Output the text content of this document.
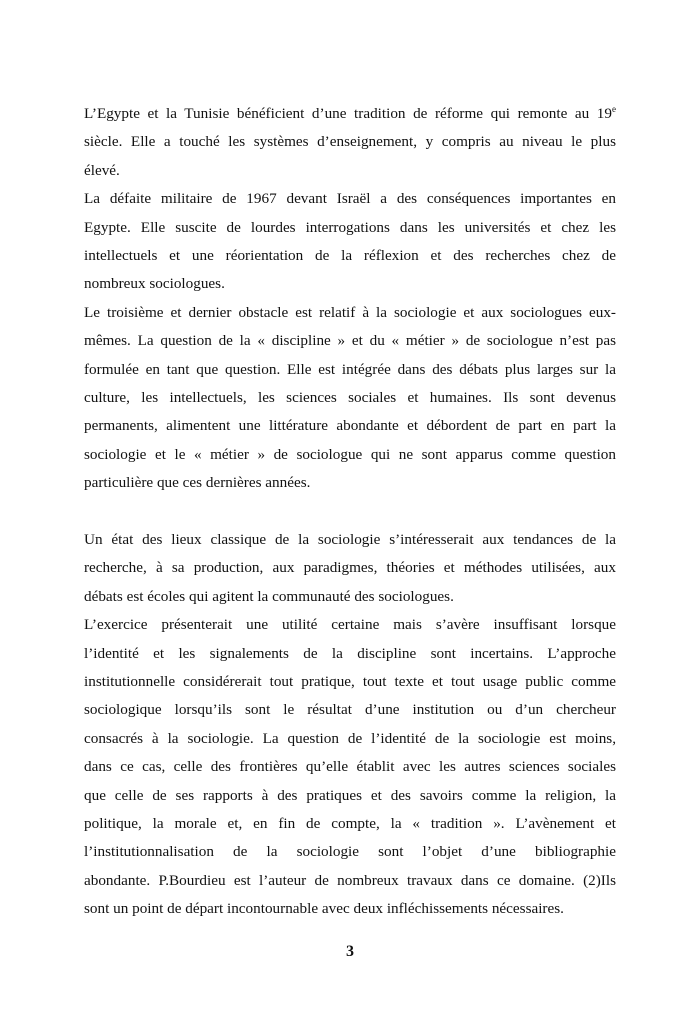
3
L’Egypte et la Tunisie bénéficient d’une tradition de réforme qui remonte au 19e
siècle. Elle a touché les systèmes d’enseignement, y compris au niveau le plus
élevé.
La défaite militaire de 1967 devant Israël a des conséquences importantes en
Egypte. Elle suscite de lourdes interrogations dans les universités et chez les
intellectuels et une réorientation de la réflexion et des recherches chez de
nombreux sociologues.
Le troisième et dernier obstacle est relatif à la sociologie et aux sociologues eux-
mêmes. La question de la « discipline » et du « métier » de sociologue n’est pas
formulée en tant que question. Elle est intégrée dans des débats plus larges sur la
culture, les intellectuels, les sciences sociales et humaines. Ils sont devenus
permanents, alimentent une littérature abondante et débordent de part en part la
sociologie et le « métier » de sociologue qui ne sont apparus comme question
particulière que ces dernières années.
Un état des lieux classique de la sociologie s’intéresserait aux tendances de la
recherche, à sa production, aux paradigmes, théories et méthodes utilisées, aux
débats est écoles qui agitent la communauté des sociologues.
L’exercice présenterait une utilité certaine mais s’avère insuffisant lorsque
l’identité et les signalements de la discipline sont incertains. L’approche
institutionnelle considérerait tout pratique, tout texte et tout usage public comme
sociologique lorsqu’ils sont le résultat d’une institution ou d’un chercheur
consacrés à la sociologie. La question de l’identité de la sociologie est moins,
dans ce cas, celle des frontières qu’elle établit avec les autres sciences sociales
que celle de ses rapports à des pratiques et des savoirs comme la religion, la
politique, la morale et, en fin de compte, la « tradition ». L’avènement et
l’institutionnalisation de la sociologie sont l’objet d’une bibliographie
abondante. P.Bourdieu est l’auteur de nombreux travaux dans ce domaine. (2)Ils
sont un point de départ incontournable avec deux infléchissements nécessaires.
